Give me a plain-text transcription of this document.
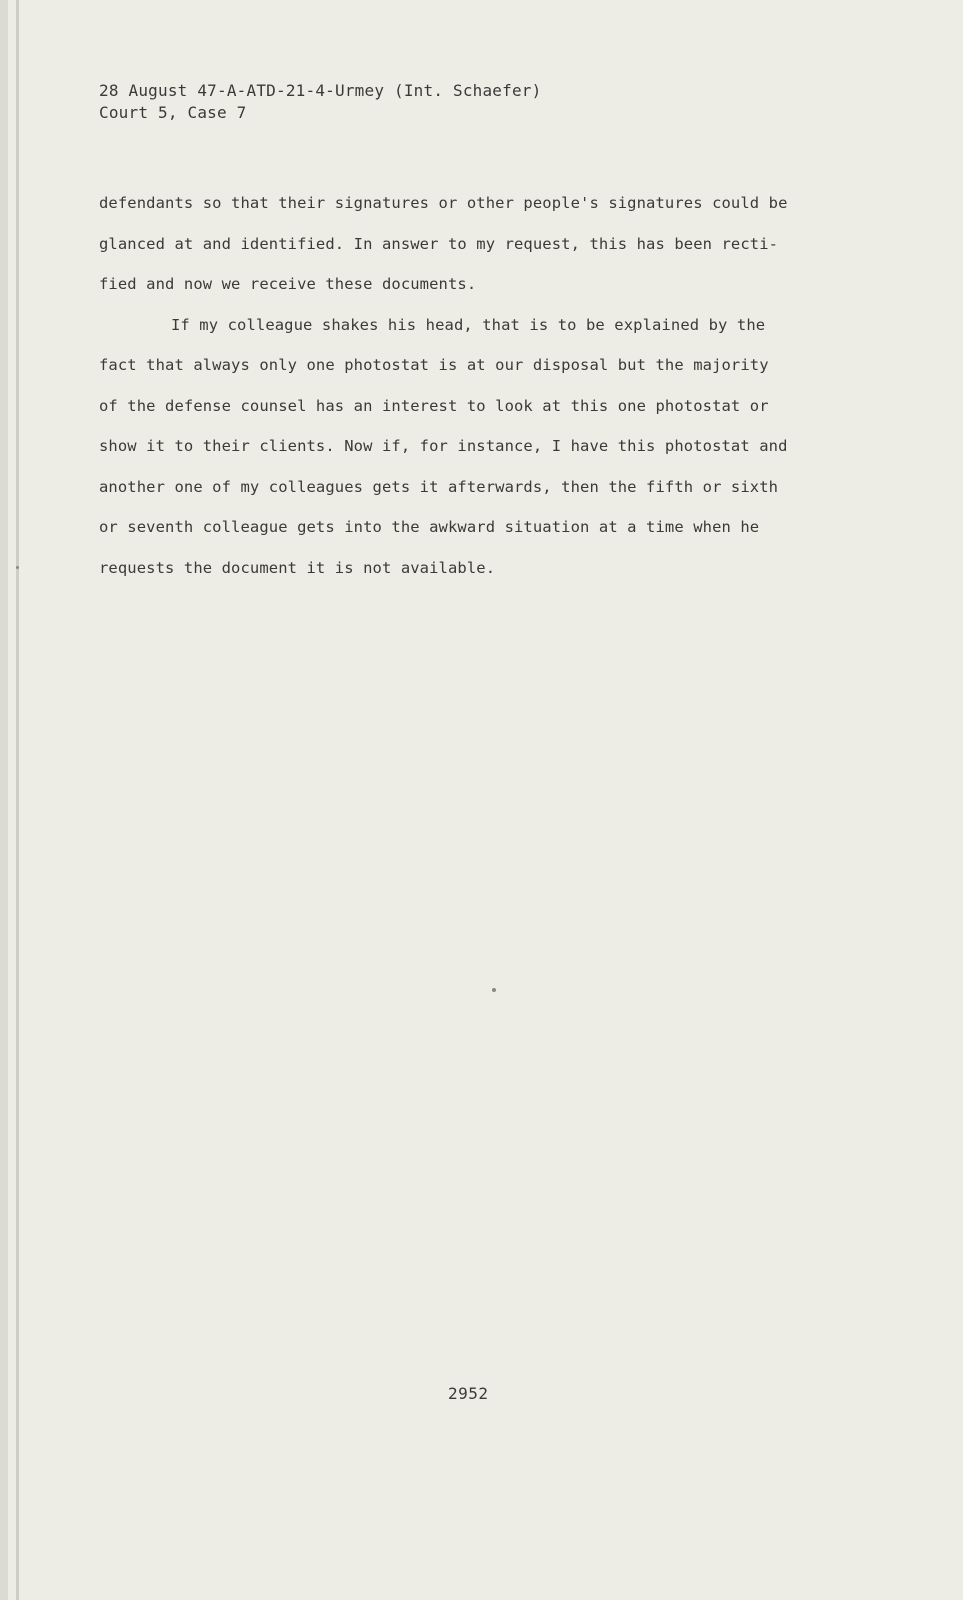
28 August 47-A-ATD-21-4-Urmey (Int. Schaefer)
Court 5, Case 7
defendants so that their signatures or other people's signatures could be
glanced at and identified. In answer to my request, this has been recti-
fied and now we receive these documents.
If my colleague shakes his head, that is to be explained by the
fact that always only one photostat is at our disposal but the majority
of the defense counsel has an interest to look at this one photostat or
show it to their clients. Now if, for instance, I have this photostat and
another one of my colleagues gets it afterwards, then the fifth or sixth
or seventh colleague gets into the awkward situation at a time when he
requests the document it is not available.
2952
